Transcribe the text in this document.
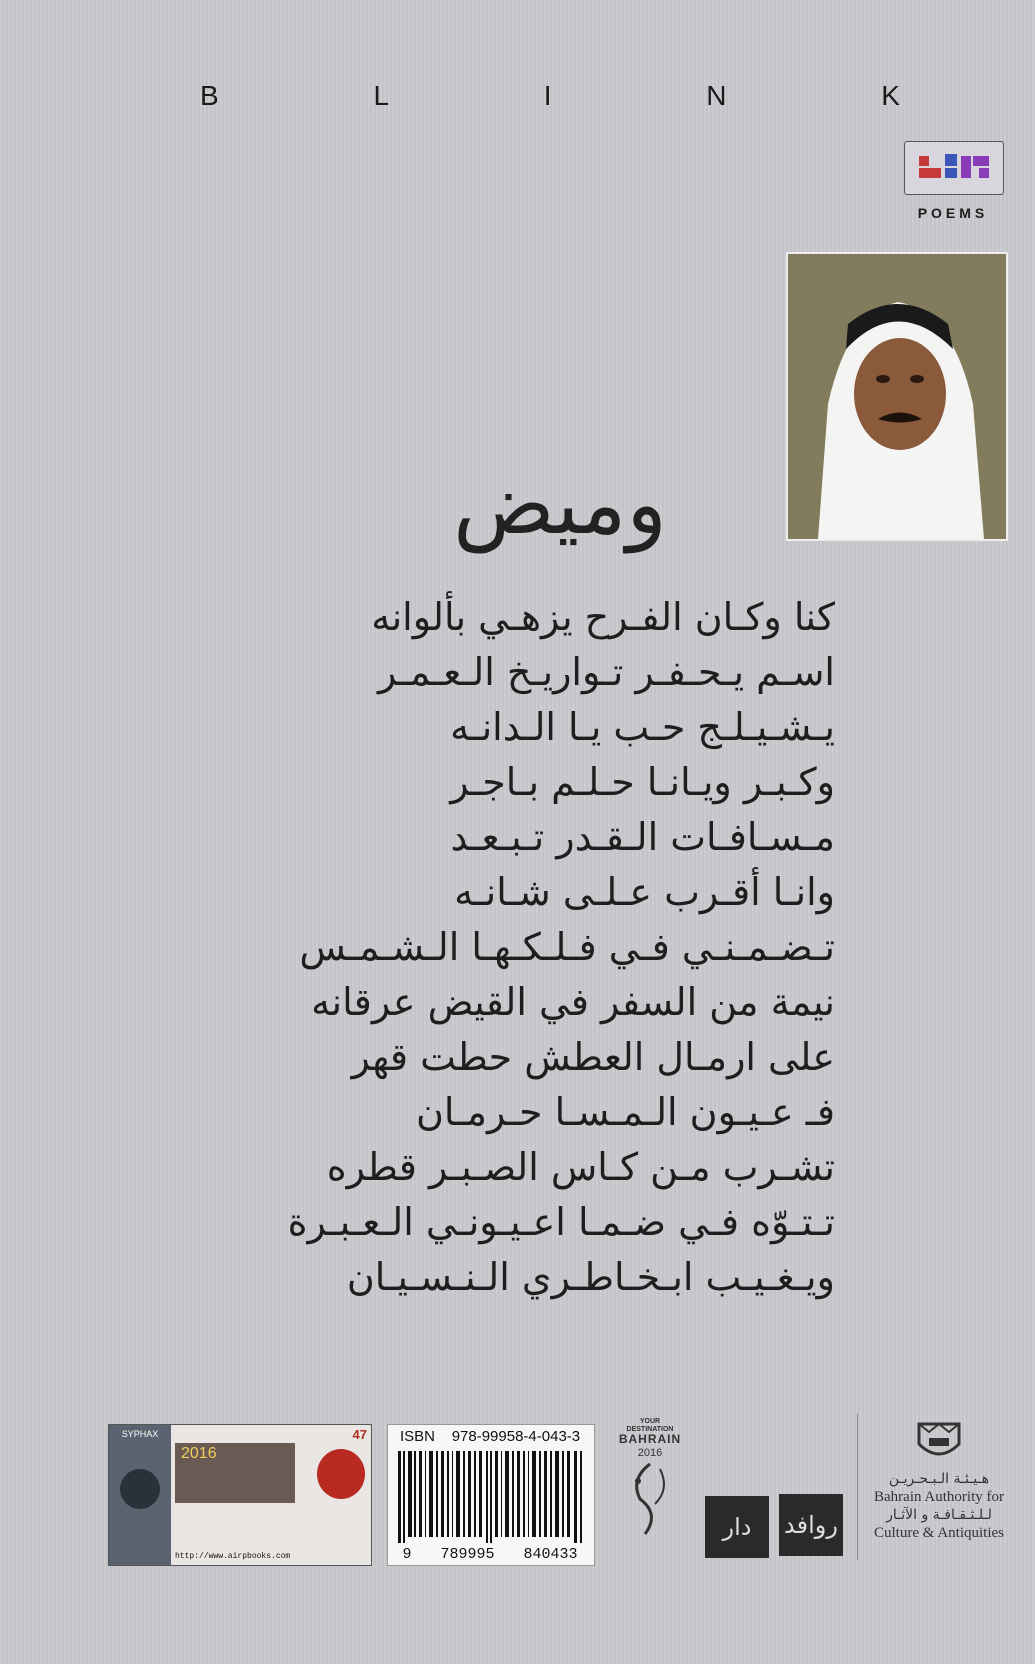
B	L	I	N	K
POEMS
وميض
كنا وكـان الفـرح يزهـي بألوانه
اسـم يـحـفـر تـواريـخ الـعـمـر
يـشـيـلـج حـب يـا الـدانـه
وكـبـر ويـانـا حـلـم بـاجـر
مـسـافـات الـقـدر تـبـعـد
وانـا أقـرب عـلـى شـانـه
تـضـمـنـي فـي فـلـكـهـا الـشـمـس
نيمة من السفر في القيض عرقانه
على ارمـال العطش حطت قهر
فـ عـيـون الـمـسـا حـرمـان
تشـرب مـن كـاس الصـبـر قطره
تـتـوّه فـي ضـمـا اعـيـونـي الـعـبـرة
ويـغـيـب ابـخـاطـري الـنـسـيـان
SYPHAX
2016
47
http://www.airpbooks.com
ISBN 978-99958-4-043-3
9 789995 840433
YOUR
DESTINATION
BAHRAIN
2016
دار	روافد
هـيـئـة الـبـحـريـن
Bahrain Authority for
لـلـثـقـافـة و الآثـار
Culture & Antiquities
